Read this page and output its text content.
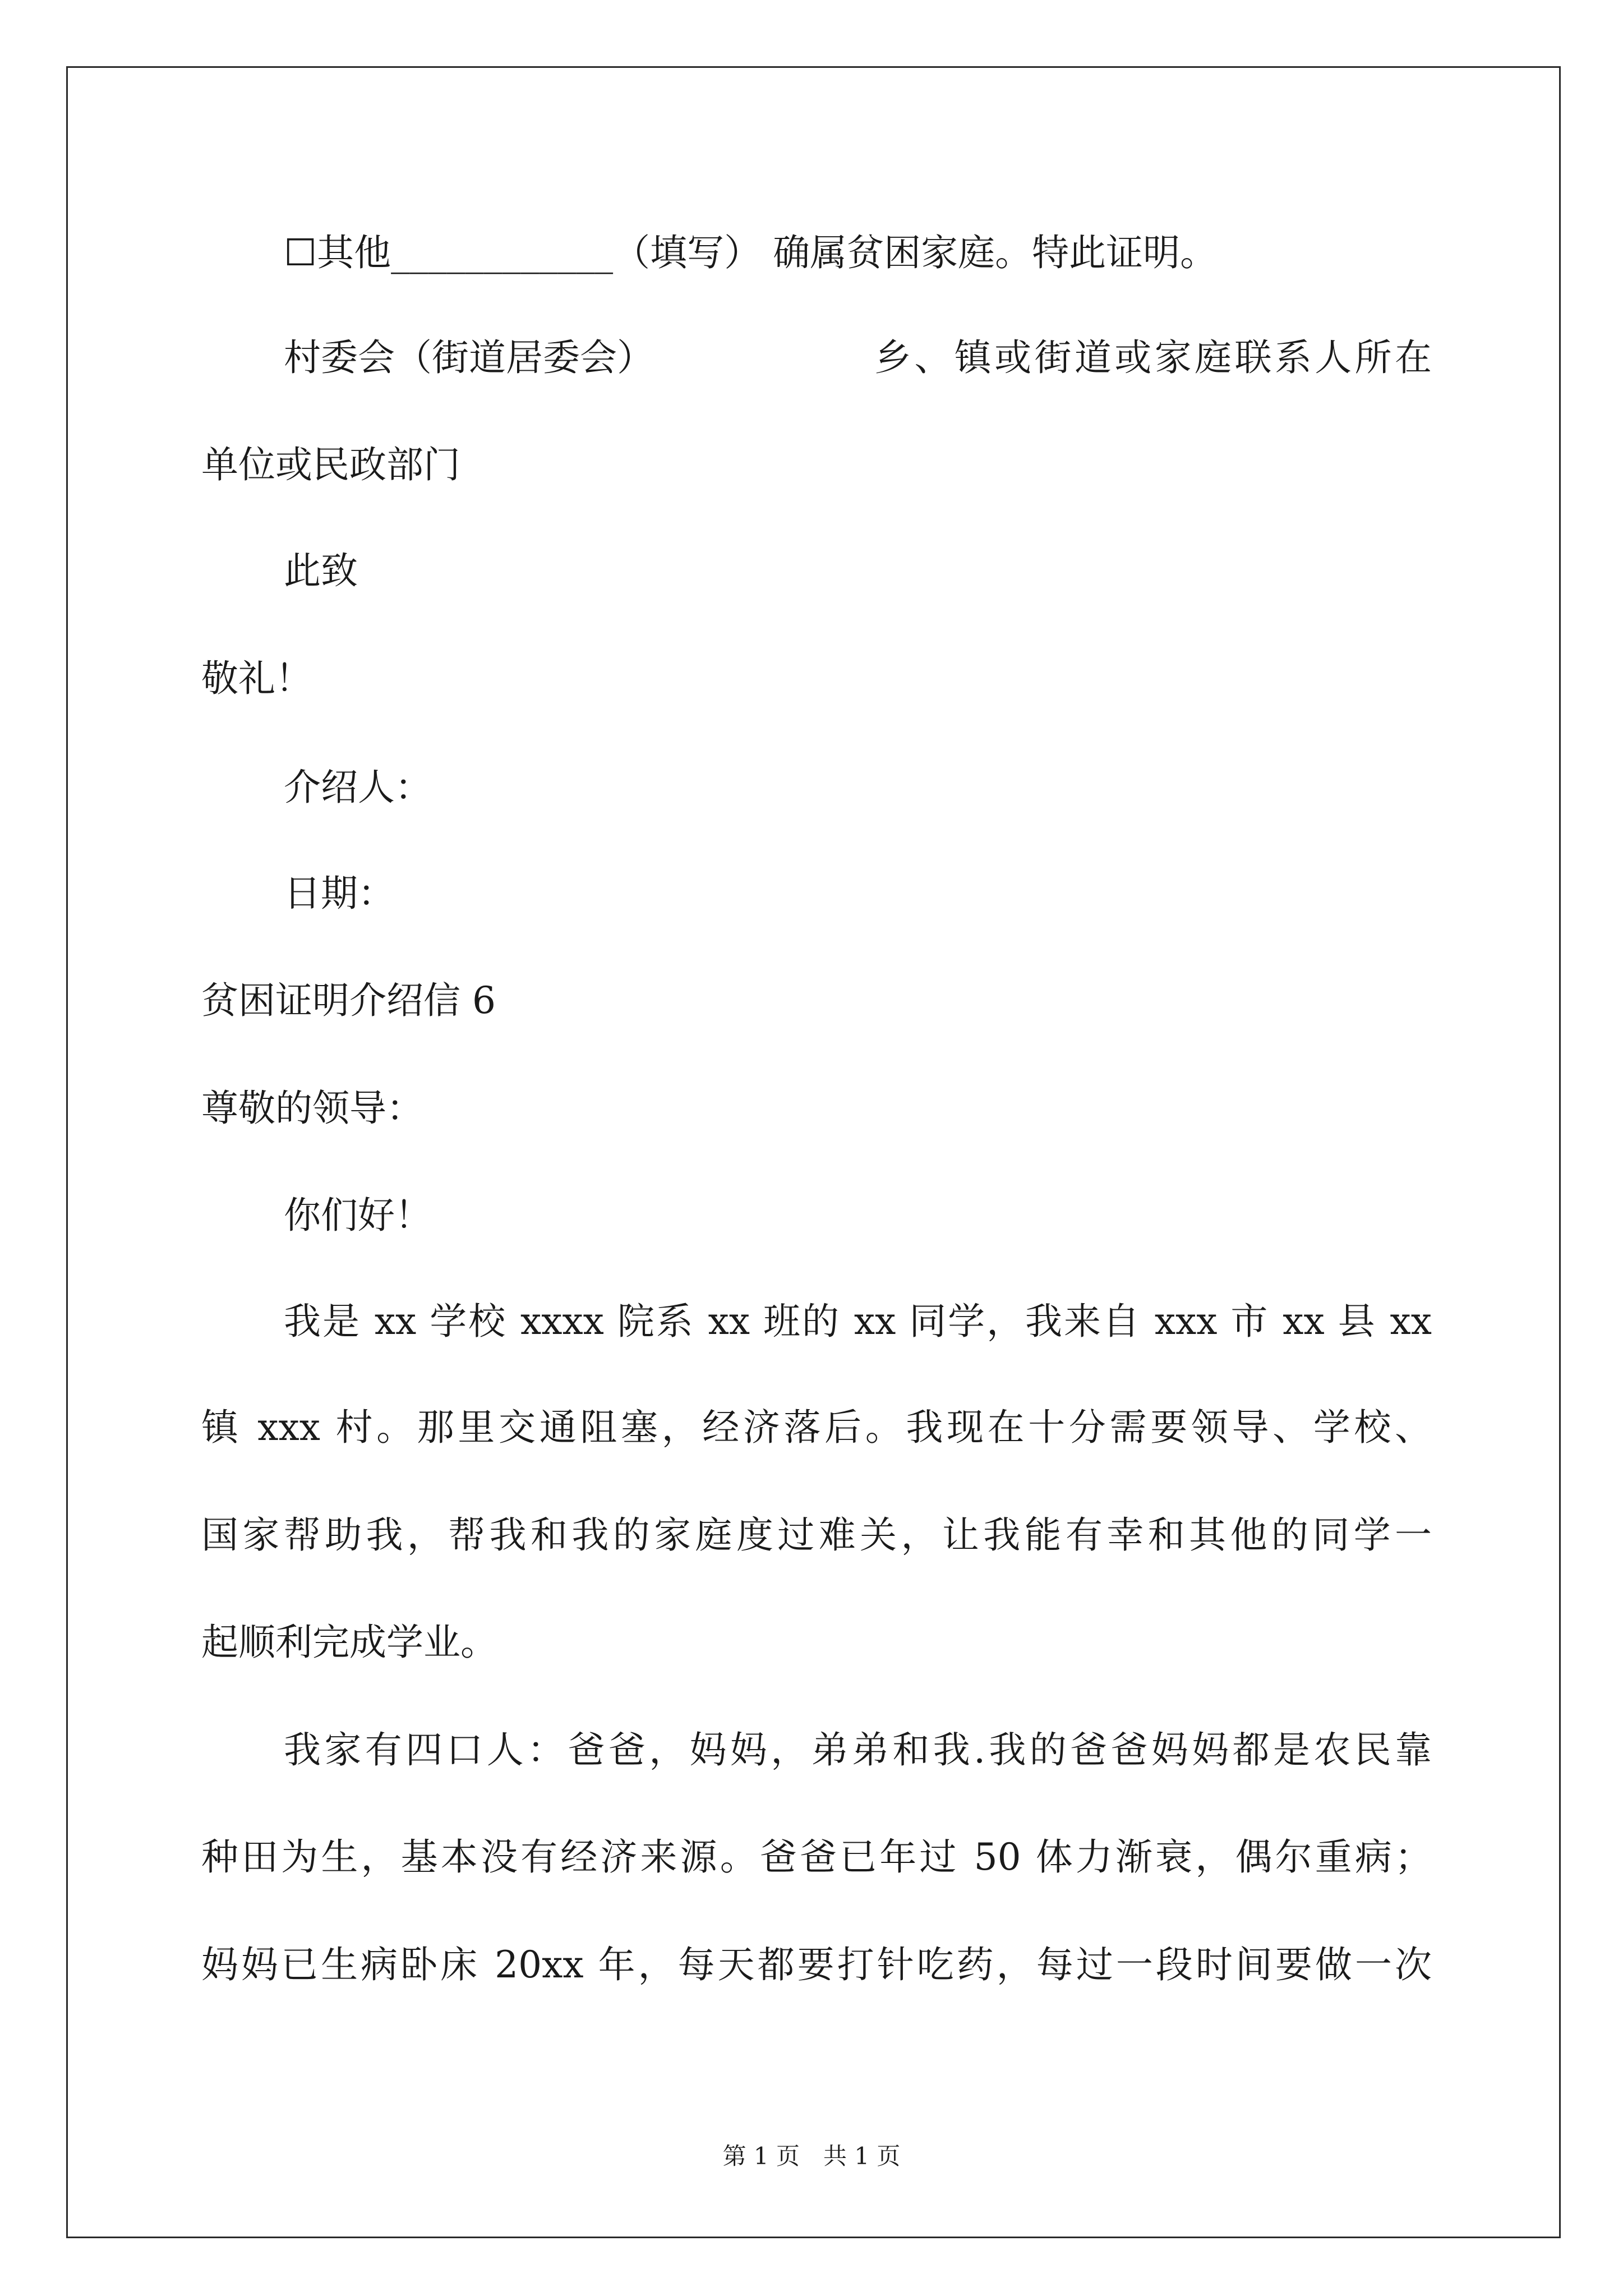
☐其他____________（填写） 确属贫困家庭。特此证明。
村委会（街道居委会）	乡、镇或街道或家庭联系人所在
单位或民政部门
此致
敬礼！
介绍人：
日期：
贫困证明介绍信 6
尊敬的领导：
你们好！
我是 xx 学校 xxxx 院系 xx 班的 xx 同学，我来自 xxx 市 xx 县 xx
镇 xxx 村。那里交通阻塞，经济落后。我现在十分需要领导、学校、
国家帮助我，帮我和我的家庭度过难关，让我能有幸和其他的同学一
起顺利完成学业。
我家有四口人：爸爸，妈妈，弟弟和我.我的爸爸妈妈都是农民靠
种田为生，基本没有经济来源。爸爸已年过 50 体力渐衰，偶尔重病；
妈妈已生病卧床 20xx 年，每天都要打针吃药，每过一段时间要做一次
第 1 页　共 1 页
